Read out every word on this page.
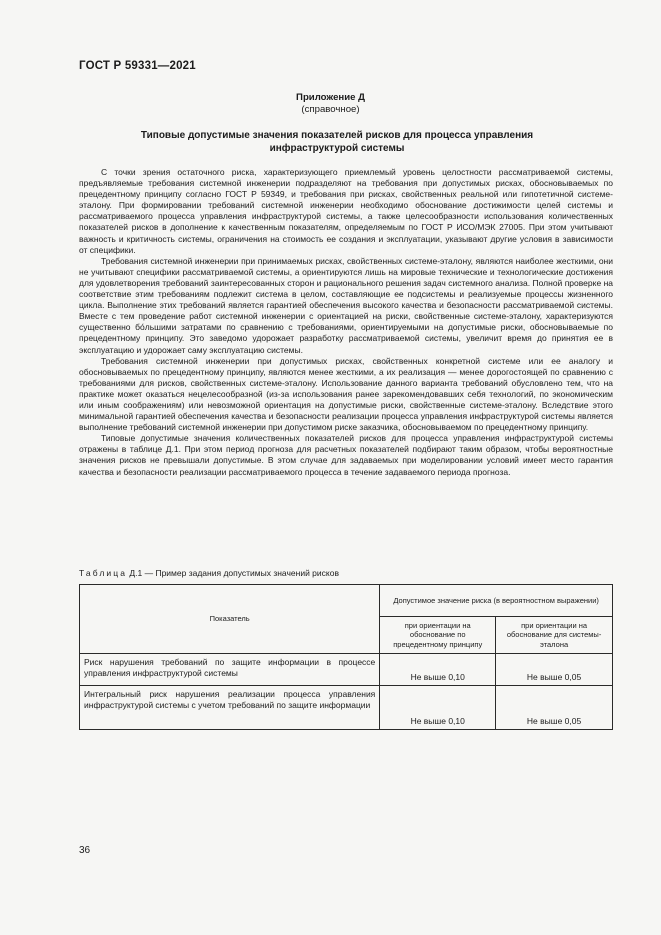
ГОСТ Р 59331—2021
Приложение Д
(справочное)
Типовые допустимые значения показателей рисков для процесса управления
инфраструктурой системы

С точки зрения остаточного риска, характеризующего приемлемый уровень целостности рассматриваемой системы, предъявляемые требования системной инженерии подразделяют на требования при допустимых рисках, обосновываемых по прецедентному принципу согласно ГОСТ Р 59349, и требования при рисках, свойственных реальной или гипотетичной системе-эталону. При формировании требований системной инженерии необходимо обоснование достижимости целей системы и рассматриваемого процесса управления инфраструктурой системы, а также целесообразности использования количественных показателей рисков в дополнение к качественным показателям, определяемым по ГОСТ Р ИСО/МЭК 27005. При этом учитывают важность и критичность системы, ограничения на стоимость ее создания и эксплуатации, указывают другие условия в зависимости от специфики.

Требования системной инженерии при принимаемых рисках, свойственных системе-эталону, являются наиболее жесткими, они не учитывают специфики рассматриваемой системы, а ориентируются лишь на мировые технические и технологические достижения для удовлетворения требований заинтересованных сторон и рационального решения задач системного анализа. Полной проверке на соответствие этим требованиям подлежит система в целом, составляющие ее подсистемы и реализуемые процессы жизненного цикла. Выполнение этих требований является гарантией обеспечения высокого качества и безопасности рассматриваемой системы. Вместе с тем проведение работ системной инженерии с ориентацией на риски, свойственные системе-эталону, характеризуются существенно бо́льшими затратами по сравнению с требованиями, ориентируемыми на допустимые риски, обосновываемые по прецедентному принципу. Это заведомо удорожает разработку рассматриваемой системы, увеличит время до принятия ее в эксплуатацию и удорожает саму эксплуатацию системы.

Требования системной инженерии при допустимых рисках, свойственных конкретной системе или ее аналогу и обосновываемых по прецедентному принципу, являются менее жесткими, а их реализация — менее дорогостоящей по сравнению с требованиями для рисков, свойственных системе-эталону. Использование данного варианта требований обусловлено тем, что на практике может оказаться нецелесообразной (из-за использования ранее зарекомендовавших себя технологий, по экономическим или иным соображениям) или невозможной ориентация на допустимые риски, свойственные системе-эталону. Вследствие этого минимальной гарантией обеспечения качества и безопасности реализации процесса управления инфраструктурой системы является выполнение требований системной инженерии при допустимом риске заказчика, обосновываемом по прецедентному принципу.

Типовые допустимые значения количественных показателей рисков для процесса управления инфраструктурой системы отражены в таблице Д.1. При этом период прогноза для расчетных показателей подбирают таким образом, чтобы вероятностные значения рисков не превышали допустимые. В этом случае для задаваемых при моделировании условий имеет место гарантия качества и безопасности реализации рассматриваемого процесса в течение задаваемого периода прогноза.

Таблица Д.1 — Пример задания допустимых значений рисков
Показатель	Допустимое значение риска (в вероятностном выражении)	
	при ориентации на обоснование по прецедентному принципу	при ориентации на обоснование для системы-эталона
Риск нарушения требований по защите информации в процессе управления инфраструктурой системы	Не выше 0,10	Не выше 0,05
Интегральный риск нарушения реализации процесса управления инфраструктурой системы с учетом требований по защите информации	Не выше 0,10	Не выше 0,05
36
